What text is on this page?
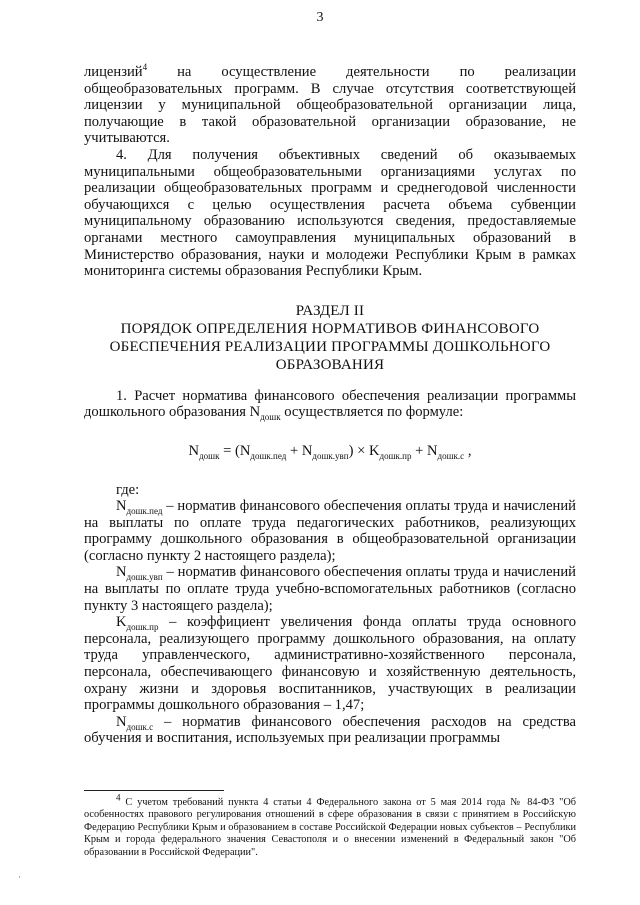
3

лицензий$^4$ на осуществление деятельности по реализации общеобразовательных программ. В случае отсутствия соответствующей лицензии у муниципальной общеобразовательной организации лица, получающие в такой образовательной организации образование, не учитываются.

4. Для получения объективных сведений об оказываемых муниципальными общеобразовательными организациями услугах по реализации общеобразовательных программ и среднегодовой численности обучающихся с целью осуществления расчета объема субвенции муниципальному образованию используются сведения, предоставляемые органами местного самоуправления муниципальных образований в Министерство образования, науки и молодежи Республики Крым в рамках мониторинга системы образования Республики Крым.

РАЗДЕЛ II
ПОРЯДОК ОПРЕДЕЛЕНИЯ НОРМАТИВОВ ФИНАНСОВОГО
ОБЕСПЕЧЕНИЯ РЕАЛИЗАЦИИ ПРОГРАММЫ ДОШКОЛЬНОГО
ОБРАЗОВАНИЯ

1. Расчет норматива финансового обеспечения реализации программы дошкольного образования $N_{дошк}$ осуществляется по формуле:

$N_{дошк} = (N_{дошк.пед} + N_{дошк.увп}) \times K_{дошк.пр} + N_{дошк.с}$ ,

где:

$N_{дошк.пед}$ – норматив финансового обеспечения оплаты труда и начислений на выплаты по оплате труда педагогических работников, реализующих программу дошкольного образования в общеобразовательной организации (согласно пункту 2 настоящего раздела);

$N_{дошк.увп}$ – норматив финансового обеспечения оплаты труда и начислений на выплаты по оплате труда учебно-вспомогательных работников (согласно пункту 3 настоящего раздела);

$K_{дошк.пр}$ – коэффициент увеличения фонда оплаты труда основного персонала, реализующего программу дошкольного образования, на оплату труда управленческого, административно-хозяйственного персонала, персонала, обеспечивающего финансовую и хозяйственную деятельность, охрану жизни и здоровья воспитанников, участвующих в реализации программы дошкольного образования – 1,47;

$N_{дошк.с}$ – норматив финансового обеспечения расходов на средства обучения и воспитания, используемых при реализации программы

$^4$ С учетом требований пункта 4 статьи 4 Федерального закона от 5 мая 2014 года № 84-ФЗ "Об особенностях правового регулирования отношений в сфере образования в связи с принятием в Российскую Федерацию Республики Крым и образованием в составе Российской Федерации новых субъектов – Республики Крым и города федерального значения Севастополя и о внесении изменений в Федеральный закон "Об образовании в Российской Федерации".
·
